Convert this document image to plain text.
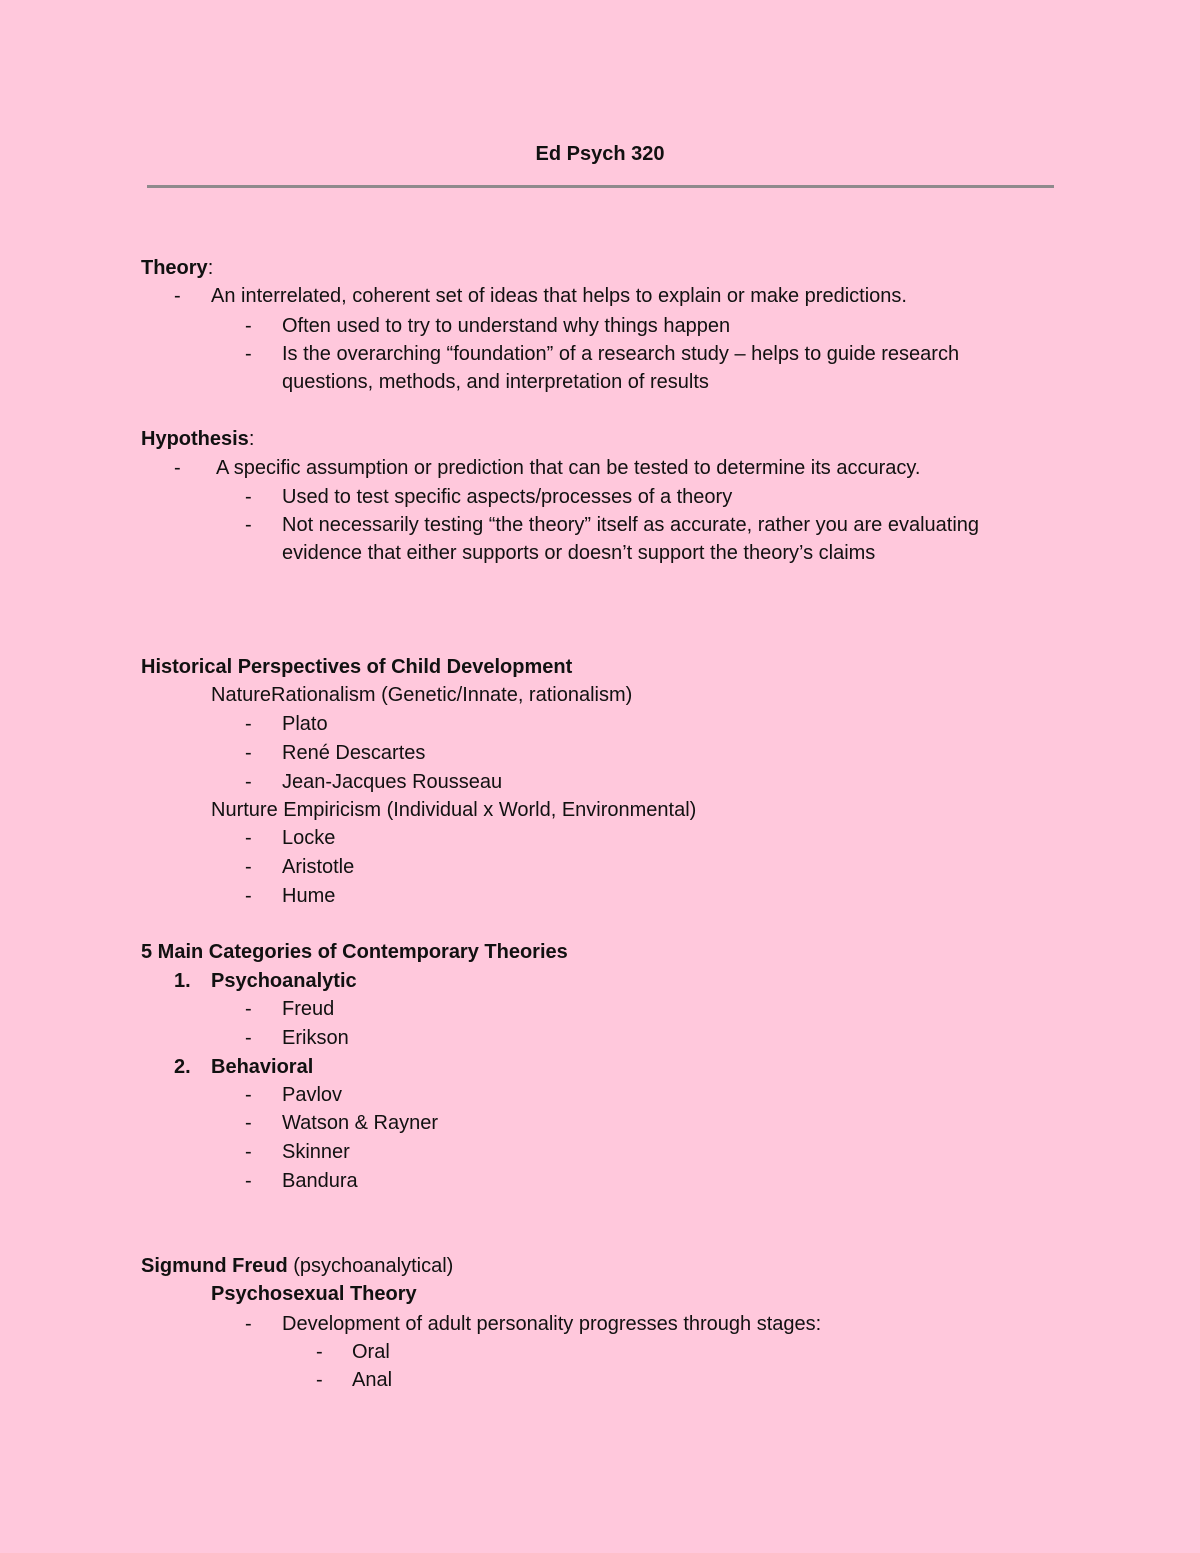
Ed Psych 320
Theory:
-	An interrelated, coherent set of ideas that helps to explain or make predictions.
-	Often used to try to understand why things happen
-	Is the overarching “foundation” of a research study – helps to guide research
questions, methods, and interpretation of results
Hypothesis:
-	A specific assumption or prediction that can be tested to determine its accuracy.
-	Used to test specific aspects/processes of a theory
-	Not necessarily testing “the theory” itself as accurate, rather you are evaluating
evidence that either supports or doesn’t support the theory’s claims
Historical Perspectives of Child Development
NatureRationalism (Genetic/Innate, rationalism)
-	Plato
-	René Descartes
-	Jean-Jacques Rousseau
Nurture Empiricism (Individual x World, Environmental)
-	Locke
-	Aristotle
-	Hume
5 Main Categories of Contemporary Theories
1. Psychoanalytic
-	Freud
-	Erikson
2. Behavioral
-	Pavlov
-	Watson & Rayner
-	Skinner
-	Bandura
Sigmund Freud (psychoanalytical)
Psychosexual Theory
-	Development of adult personality progresses through stages:
-	Oral
-	Anal
